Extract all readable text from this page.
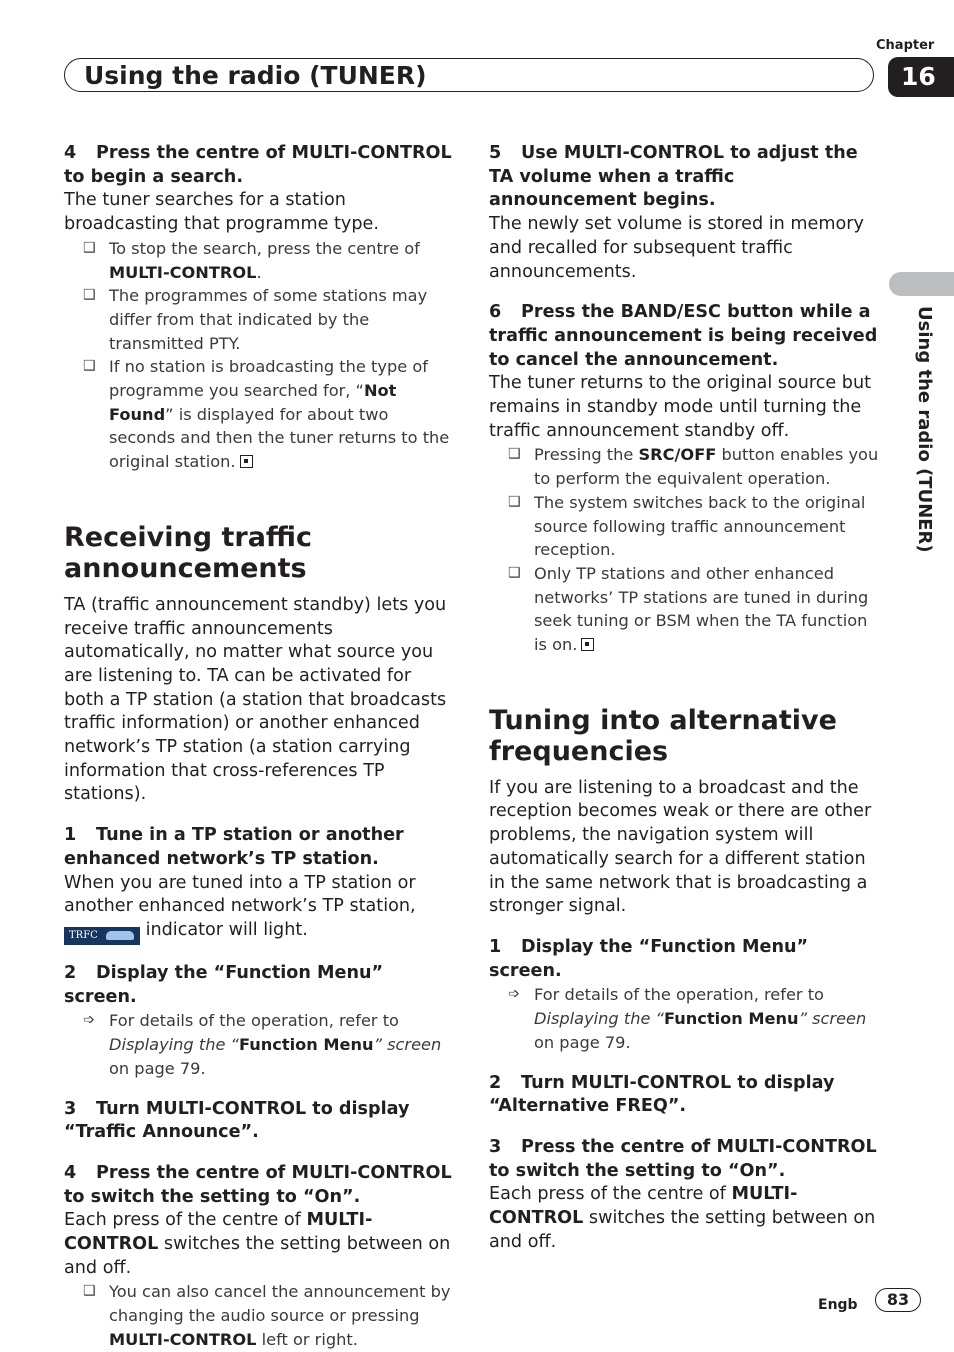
Chapter
16
Using the radio (TUNER)
Using the radio (TUNER)

4 Press the centre of MULTI-CONTROL to begin a search.

The tuner searches for a station broadcasting that programme type.

❑ To stop the search, press the centre of MULTI-CONTROL.
❑ The programmes of some stations may differ from that indicated by the transmitted PTY.
❑ If no station is broadcasting the type of programme you searched for, “Not Found” is displayed for about two seconds and then the tuner returns to the original station.
Receiving traffic announcements

TA (traffic announcement standby) lets you receive traffic announcements automatically, no matter what source you are listening to. TA can be activated for both a TP station (a station that broadcasts traffic information) or another enhanced network’s TP station (a station carrying information that cross-references TP stations).

1 Tune in a TP station or another enhanced network’s TP station.

When you are tuned into a TP station or another enhanced network’s TP station,
TRFC	indicator will light.

2 Display the “Function Menu” screen.

➩ For details of the operation, refer to Displaying the “Function Menu” screen on page 79.

3 Turn MULTI-CONTROL to display “Traffic Announce”.

4 Press the centre of MULTI-CONTROL to switch the setting to “On”.

Each press of the centre of MULTI-CONTROL switches the setting between on and off.

❑ You can also cancel the announcement by changing the audio source or pressing MULTI-CONTROL left or right.

5 Use MULTI-CONTROL to adjust the TA volume when a traffic announcement begins.

The newly set volume is stored in memory and recalled for subsequent traffic announcements.

6 Press the BAND/ESC button while a traffic announcement is being received to cancel the announcement.

The tuner returns to the original source but remains in standby mode until turning the traffic announcement standby off.

❑ Pressing the SRC/OFF button enables you to perform the equivalent operation.
❑ The system switches back to the original source following traffic announcement reception.
❑ Only TP stations and other enhanced networks’ TP stations are tuned in during seek tuning or BSM when the TA function is on.
Tuning into alternative frequencies

If you are listening to a broadcast and the reception becomes weak or there are other problems, the navigation system will automatically search for a different station in the same network that is broadcasting a stronger signal.

1 Display the “Function Menu” screen.

➩ For details of the operation, refer to Displaying the “Function Menu” screen on page 79.

2 Turn MULTI-CONTROL to display “Alternative FREQ”.

3 Press the centre of MULTI-CONTROL to switch the setting to “On”.

Each press of the centre of MULTI-CONTROL switches the setting between on and off.

Engb	83
